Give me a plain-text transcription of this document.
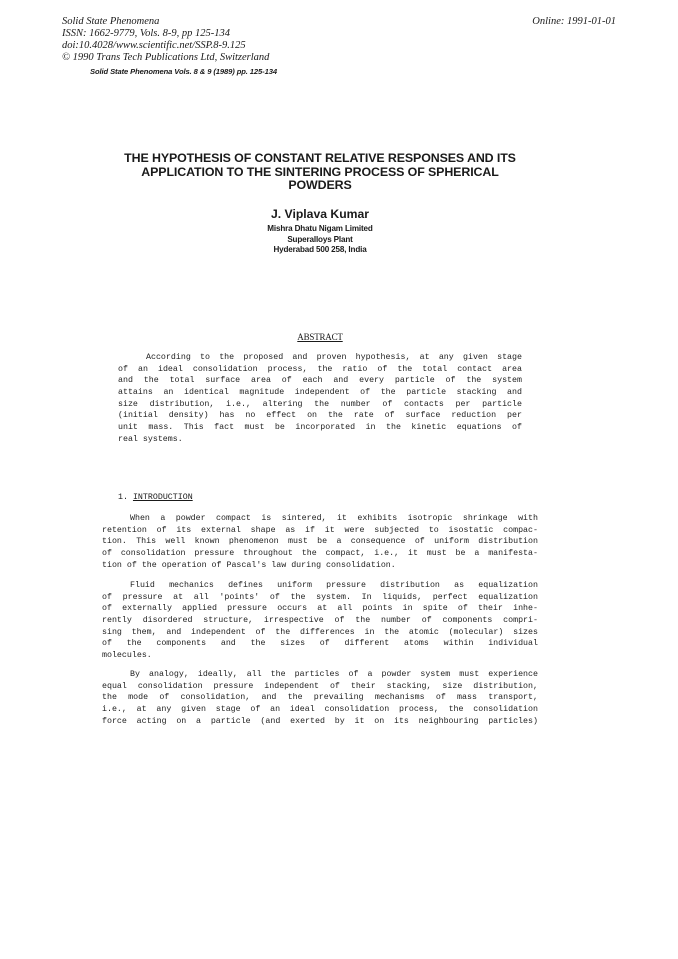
Solid State Phenomena
ISSN: 1662-9779, Vols. 8-9, pp 125-134
doi:10.4028/www.scientific.net/SSP.8-9.125
© 1990 Trans Tech Publications Ltd, Switzerland
Online: 1991-01-01
Solid State Phenomena Vols. 8 & 9 (1989) pp. 125-134
THE HYPOTHESIS OF CONSTANT RELATIVE RESPONSES AND ITS
APPLICATION TO THE SINTERING PROCESS OF SPHERICAL
POWDERS
J. Viplava Kumar
Mishra Dhatu Nigam Limited
Superalloys Plant
Hyderabad 500 258, India
ABSTRACT
According to the proposed and proven hypothesis, at any given stage
of an ideal consolidation process, the ratio of the total contact area
and the total surface area of each and every particle of the system
attains an identical magnitude independent of the particle stacking and
size distribution, i.e., altering the number of contacts per particle
(initial density) has no effect on the rate of surface reduction per
unit mass. This fact must be incorporated in the kinetic equations of
real systems.
1. INTRODUCTION
When a powder compact is sintered, it exhibits isotropic shrinkage with
retention of its external shape as if it were subjected to isostatic compac-
tion. This well known phenomenon must be a consequence of uniform distribution
of consolidation pressure throughout the compact, i.e., it must be a manifesta-
tion of the operation of Pascal's law during consolidation.
Fluid mechanics defines uniform pressure distribution as equalization
of pressure at all 'points' of the system. In liquids, perfect equalization
of externally applied pressure occurs at all points in spite of their inhe-
rently disordered structure, irrespective of the number of components compri-
sing them, and independent of the differences in the atomic (molecular) sizes
of the components and the sizes of different atoms within individual
molecules.
By analogy, ideally, all the particles of a powder system must experience
equal consolidation pressure independent of their stacking, size distribution,
the mode of consolidation, and the prevailing mechanisms of mass transport,
i.e., at any given stage of an ideal consolidation process, the consolidation
force acting on a particle (and exerted by it on its neighbouring particles)
